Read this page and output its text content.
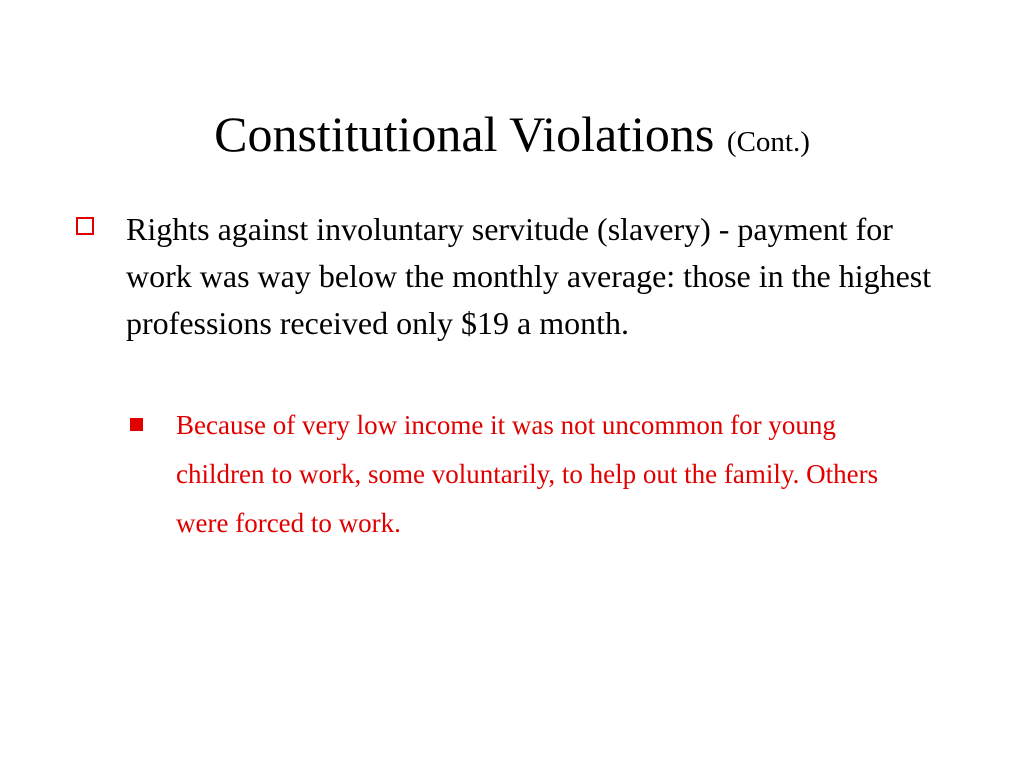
Constitutional Violations (Cont.)
Rights against involuntary servitude (slavery) - payment for work was way below the monthly average: those in the highest professions received only $19 a month.
Because of very low income it was not uncommon for young children to work, some voluntarily, to help out the family. Others were forced to work.
